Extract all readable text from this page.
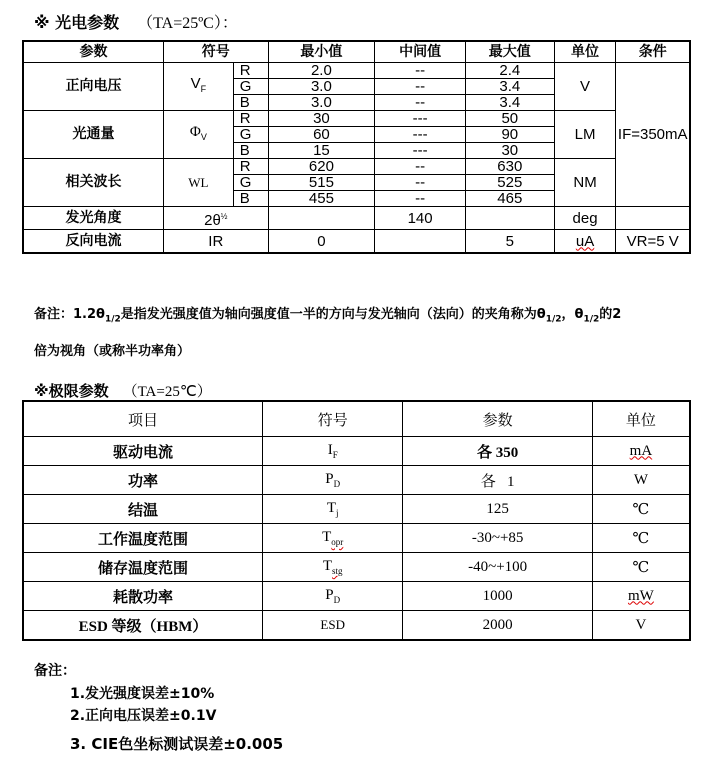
※ 光电参数 （TA=25ºC）：
参数	符号		最小值	中间值	最大值	单位	条件
正向电压	$V_F$	R	2.0	--	2.4	V	IF=350mA
		G	3.0	--	3.4		
		B	3.0	--	3.4		
光通量	$\Phi_V$	R	30	---	50	LM	
		G	60	---	90		
		B	15	---	30		
相关波长	WL	R	620	--	630	NM	
		G	515	--	525		
		B	455	--	465		
发光角度	$2\theta^{\frac{1}{2}}$			140		deg	
反向电流	IR		0		5	uA	VR=5 V
备注：$1.2\theta_{1/2}$是指发光强度值为轴向强度值一半的方向与发光轴向（法向）的夹角称为$\theta_{1/2}$，$\theta_{1/2}$的2
倍为视角（或称半功率角）
※极限参数 （TA=25℃）
项目	符号	参数	单位
驱动电流	$I_F$	各 350	mA
功率	$P_D$	各   1	W
结温	$T_j$	125	℃
工作温度范围	$T_{opr}$	-30~+85	℃
储存温度范围	$T_{stg}$	-40~+100	℃
耗散功率	$P_D$	1000	mW
ESD 等级（HBM）	ESD	2000	V
备注：
1.发光强度误差±10%
2.正向电压误差±0.1V
3. CIE色坐标测试误差±0.005
